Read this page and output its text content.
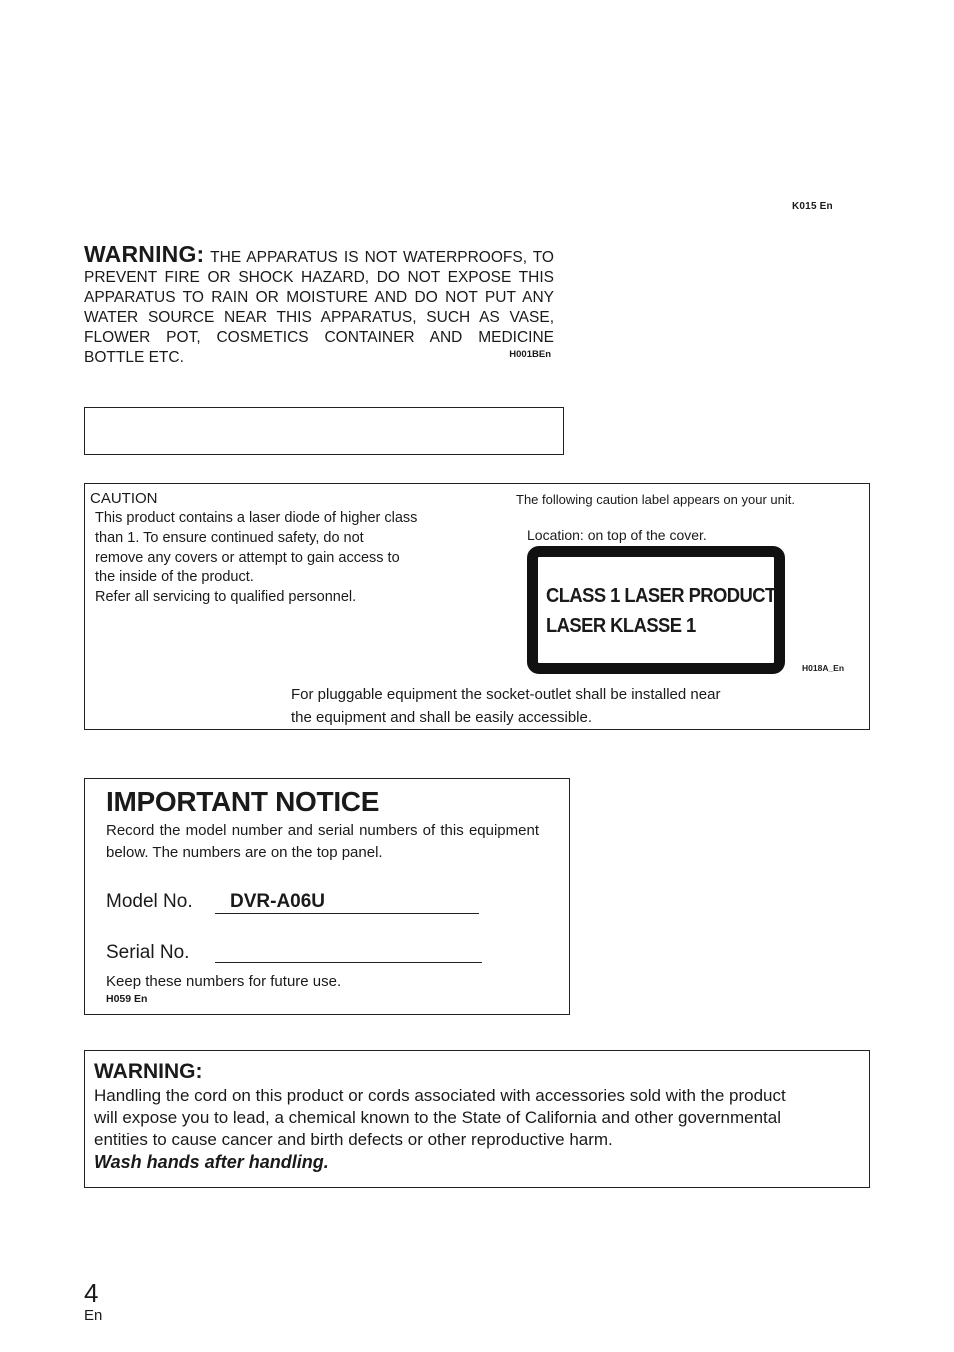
K015 En
WARNING: THE APPARATUS IS NOT WATERPROOFS, TO PREVENT FIRE OR SHOCK HAZARD, DO NOT EXPOSE THIS APPARATUS TO RAIN OR MOISTURE AND DO NOT PUT ANY WATER SOURCE NEAR THIS APPARATUS, SUCH AS VASE, FLOWER POT, COSMETICS CONTAINER AND MEDICINE BOTTLE ETC.	H001BEn
CAUTION
This product contains a laser diode of higher class
than 1. To ensure continued safety, do not
remove any covers or attempt to gain access to
the inside of the product.
Refer all servicing to qualified personnel.
The following caution label appears on your unit.
Location: on top of the cover.
CLASS 1 LASER PRODUCT
LASER KLASSE 1
H018A_En
For pluggable equipment the socket-outlet shall be installed near
the equipment and shall be easily accessible.
IMPORTANT NOTICE
Record the model number and serial numbers of this equipment below. The numbers are on the top panel.
Model No. DVR-A06U
Serial No.
Keep these numbers for future use.
H059 En
WARNING:
Handling the cord on this product or cords associated with accessories sold with the product
will expose you to lead, a chemical known to the State of California and other governmental
entities to cause cancer and birth defects or other reproductive harm.
Wash hands after handling.
4
En
